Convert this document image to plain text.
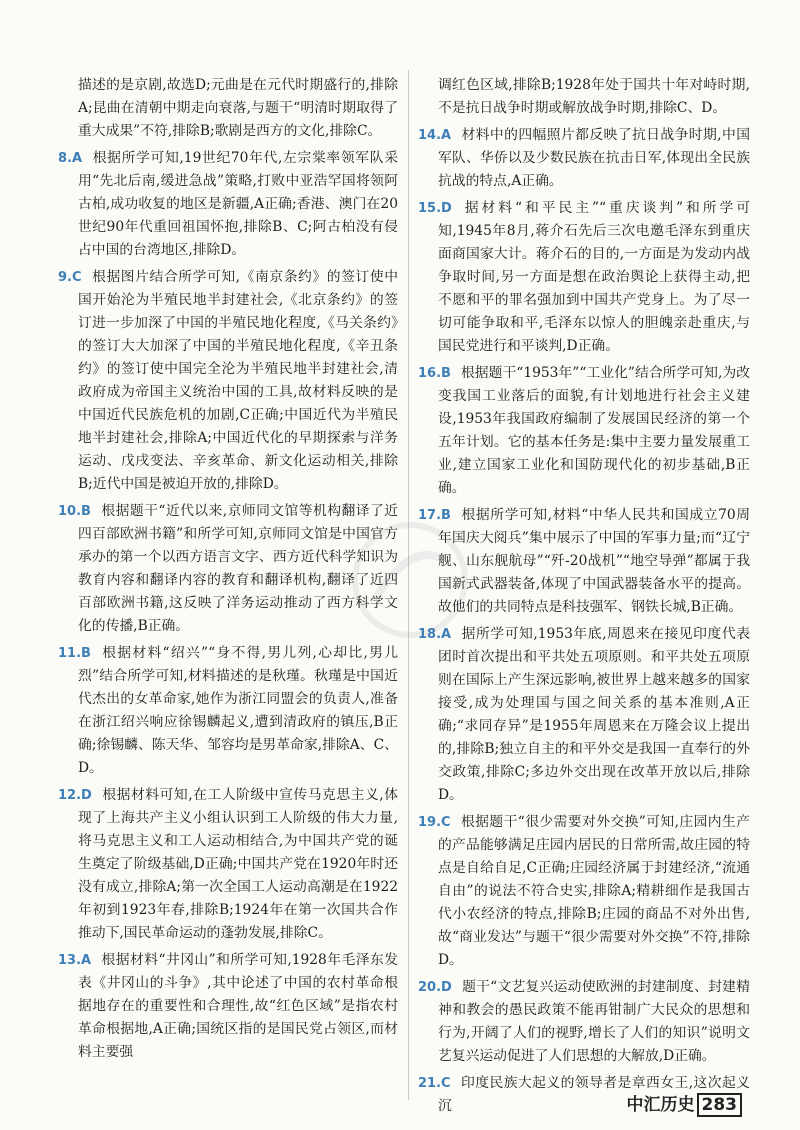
描述的是京剧,故选D;元曲是在元代时期盛行的,排除A;昆曲在清朝中期走向衰落,与题干“明清时期取得了重大成果”不符,排除B;歌剧是西方的文化,排除C。

8.A 根据所学可知,19世纪70年代,左宗棠率领军队采用“先北后南,缓进急战”策略,打败中亚浩罕国将领阿古柏,成功收复的地区是新疆,A正确;香港、澳门在20世纪90年代重回祖国怀抱,排除B、C;阿古柏没有侵占中国的台湾地区,排除D。

9.C 根据图片结合所学可知,《南京条约》的签订使中国开始沦为半殖民地半封建社会,《北京条约》的签订进一步加深了中国的半殖民地化程度,《马关条约》的签订大大加深了中国的半殖民地化程度,《辛丑条约》的签订使中国完全沦为半殖民地半封建社会,清政府成为帝国主义统治中国的工具,故材料反映的是中国近代民族危机的加剧,C正确;中国近代为半殖民地半封建社会,排除A;中国近代化的早期探索与洋务运动、戊戌变法、辛亥革命、新文化运动相关,排除B;近代中国是被迫开放的,排除D。

10.B 根据题干“近代以来,京师同文馆等机构翻译了近四百部欧洲书籍”和所学可知,京师同文馆是中国官方承办的第一个以西方语言文字、西方近代科学知识为教育内容和翻译内容的教育和翻译机构,翻译了近四百部欧洲书籍,这反映了洋务运动推动了西方科学文化的传播,B正确。

11.B 根据材料“绍兴”“身不得,男儿列,心却比,男儿烈”结合所学可知,材料描述的是秋瑾。秋瑾是中国近代杰出的女革命家,她作为浙江同盟会的负责人,准备在浙江绍兴响应徐锡麟起义,遭到清政府的镇压,B正确;徐锡麟、陈天华、邹容均是男革命家,排除A、C、D。

12.D 根据材料可知,在工人阶级中宣传马克思主义,体现了上海共产主义小组认识到工人阶级的伟大力量,将马克思主义和工人运动相结合,为中国共产党的诞生奠定了阶级基础,D正确;中国共产党在1920年时还没有成立,排除A;第一次全国工人运动高潮是在1922年初到1923年春,排除B;1924年在第一次国共合作推动下,国民革命运动的蓬勃发展,排除C。

13.A 根据材料“井冈山”和所学可知,1928年毛泽东发表《井冈山的斗争》,其中论述了中国的农村革命根据地存在的重要性和合理性,故“红色区域”是指农村革命根据地,A正确;国统区指的是国民党占领区,而材料主要强

调红色区域,排除B;1928年处于国共十年对峙时期,不是抗日战争时期或解放战争时期,排除C、D。

14.A 材料中的四幅照片都反映了抗日战争时期,中国军队、华侨以及少数民族在抗击日军,体现出全民族抗战的特点,A正确。

15.D 据材料“和平民主”“重庆谈判”和所学可知,1945年8月,蒋介石先后三次电邀毛泽东到重庆面商国家大计。蒋介石的目的,一方面是为发动内战争取时间,另一方面是想在政治舆论上获得主动,把不愿和平的罪名强加到中国共产党身上。为了尽一切可能争取和平,毛泽东以惊人的胆魄亲赴重庆,与国民党进行和平谈判,D正确。

16.B 根据题干“1953年”“工业化”结合所学可知,为改变我国工业落后的面貌,有计划地进行社会主义建设,1953年我国政府编制了发展国民经济的第一个五年计划。它的基本任务是:集中主要力量发展重工业,建立国家工业化和国防现代化的初步基础,B正确。

17.B 根据所学可知,材料“中华人民共和国成立70周年国庆大阅兵”集中展示了中国的军事力量;而“辽宁舰、山东舰航母”“歼-20战机”“地空导弹”都属于我国新式武器装备,体现了中国武器装备水平的提高。故他们的共同特点是科技强军、钢铁长城,B正确。

18.A 据所学可知,1953年底,周恩来在接见印度代表团时首次提出和平共处五项原则。和平共处五项原则在国际上产生深远影响,被世界上越来越多的国家接受,成为处理国与国之间关系的基本准则,A正确;“求同存异”是1955年周恩来在万隆会议上提出的,排除B;独立自主的和平外交是我国一直奉行的外交政策,排除C;多边外交出现在改革开放以后,排除D。

19.C 根据题干“很少需要对外交换”可知,庄园内生产的产品能够满足庄园内居民的日常所需,故庄园的特点是自给自足,C正确;庄园经济属于封建经济,“流通自由”的说法不符合史实,排除A;精耕细作是我国古代小农经济的特点,排除B;庄园的商品不对外出售,故“商业发达”与题干“很少需要对外交换”不符,排除D。

20.D 题干“文艺复兴运动使欧洲的封建制度、封建精神和教会的愚民政策不能再钳制广大民众的思想和行为,开阔了人们的视野,增长了人们的知识”说明文艺复兴运动促进了人们思想的大解放,D正确。

21.C 印度民族大起义的领导者是章西女王,这次起义沉	中汇历史 283
